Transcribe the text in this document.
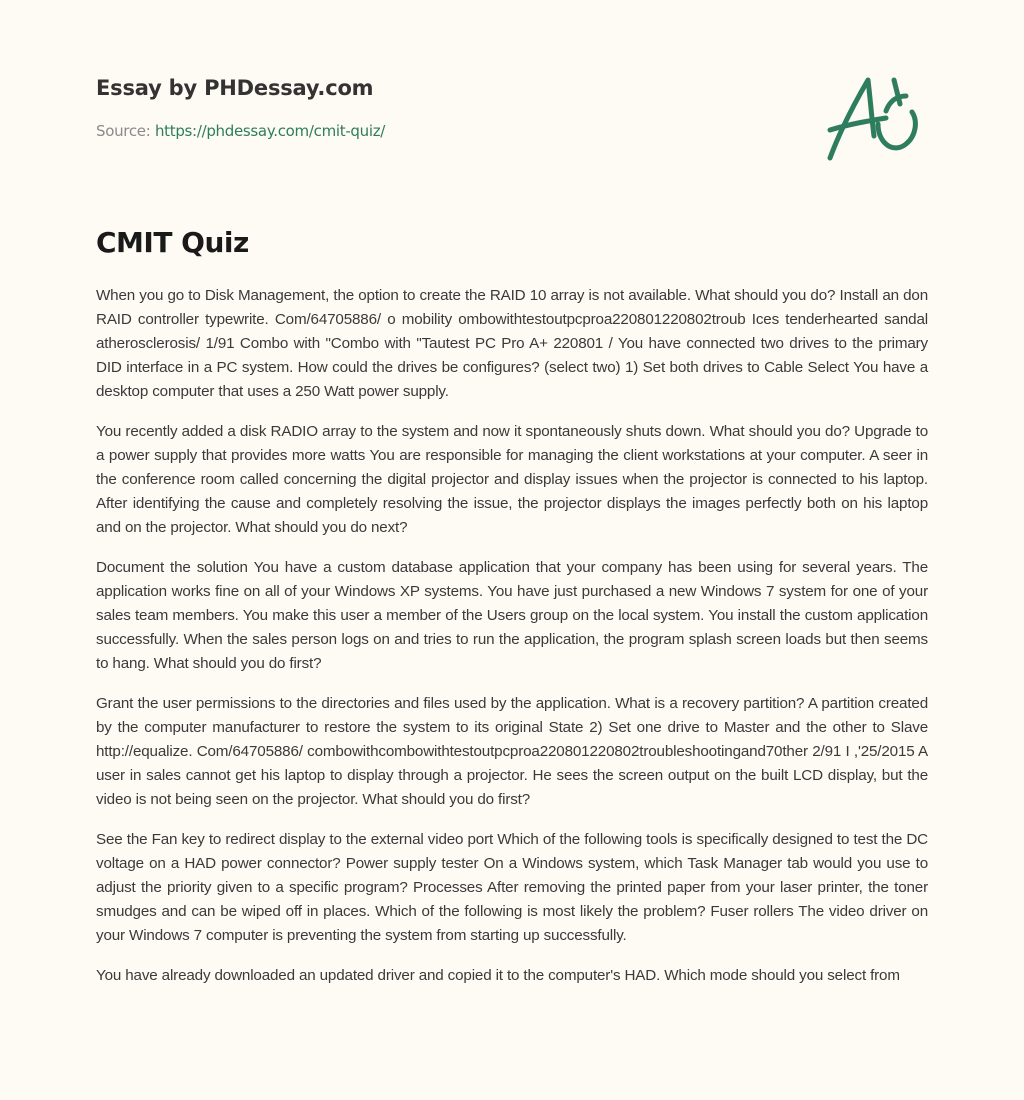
Essay by PHDessay.com
Source: https://phdessay.com/cmit-quiz/
CMIT Quiz

When you go to Disk Management, the option to create the RAID 10 array is not available. What should you do? Install an don RAID controller typewrite. Com/64705886/ o mobility ombowithtestoutpcproa220801220802troub Ices tenderhearted sandal atherosclerosis/ 1/91 Combo with "Combo with "Tautest PC Pro A+ 220801 / You have connected two drives to the primary DID interface in a PC system. How could the drives be configures? (select two) 1) Set both drives to Cable Select You have a desktop computer that uses a 250 Watt power supply.

You recently added a disk RADIO array to the system and now it spontaneously shuts down. What should you do? Upgrade to a power supply that provides more watts You are responsible for managing the client workstations at your computer. A seer in the conference room called concerning the digital projector and display issues when the projector is connected to his laptop. After identifying the cause and completely resolving the issue, the projector displays the images perfectly both on his laptop and on the projector. What should you do next?

Document the solution You have a custom database application that your company has been using for several years. The application works fine on all of your Windows XP systems. You have just purchased a new Windows 7 system for one of your sales team members. You make this user a member of the Users group on the local system. You install the custom application successfully. When the sales person logs on and tries to run the application, the program splash screen loads but then seems to hang. What should you do first?

Grant the user permissions to the directories and files used by the application. What is a recovery partition? A partition created by the computer manufacturer to restore the system to its original State 2) Set one drive to Master and the other to Slave http://equalize. Com/64705886/ combowithcombowithtestoutpcproa220801220802troubleshootingand70ther 2/91 I ,'25/2015 A user in sales cannot get his laptop to display through a projector. He sees the screen output on the built LCD display, but the video is not being seen on the projector. What should you do first?

See the Fan key to redirect display to the external video port Which of the following tools is specifically designed to test the DC voltage on a HAD power connector? Power supply tester On a Windows system, which Task Manager tab would you use to adjust the priority given to a specific program? Processes After removing the printed paper from your laser printer, the toner smudges and can be wiped off in places. Which of the following is most likely the problem? Fuser rollers The video driver on your Windows 7 computer is preventing the system from starting up successfully.

You have already downloaded an updated driver and copied it to the computer's HAD. Which mode should you select from
